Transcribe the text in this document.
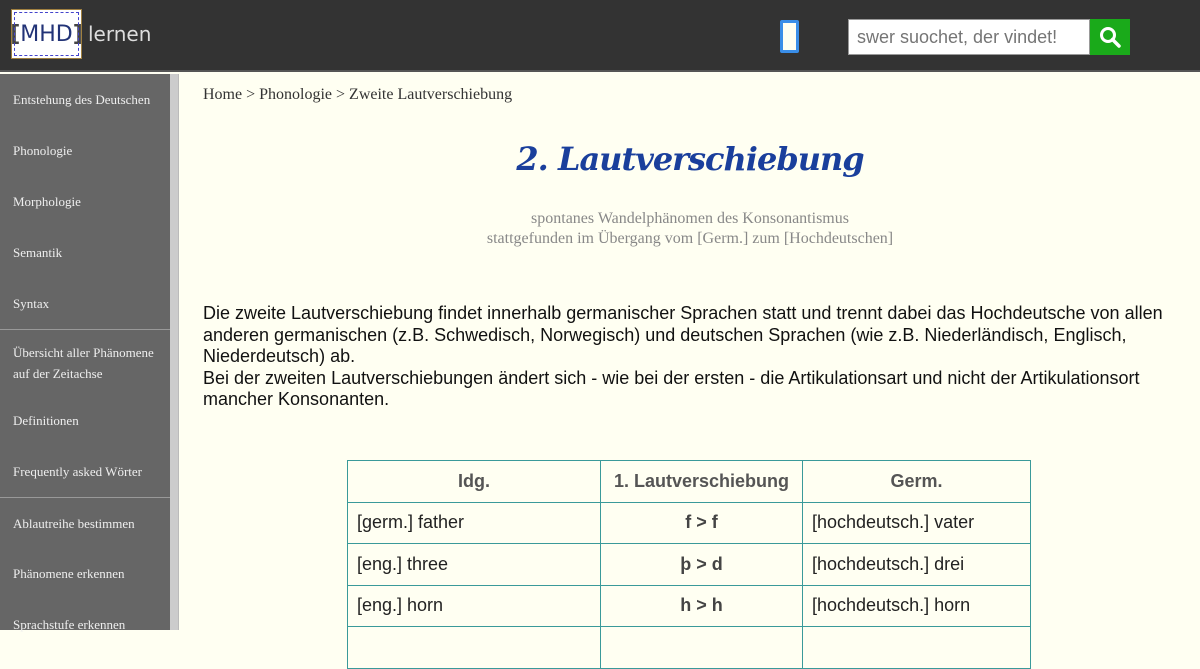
[ MHD ] lernen
swer suochet, der vindet!
Entstehung des Deutschen
Phonologie
Morphologie
Semantik
Syntax
Übersicht aller Phänomene auf der Zeitachse
Definitionen
Frequently asked Wörter
Ablautreihe bestimmen
Phänomene erkennen
Sprachstufe erkennen
Home > Phonologie > Zweite Lautverschiebung
2. Lautverschiebung
spontanes Wandelphänomen des Konsonantismus
stattgefunden im Übergang vom [Germ.] zum [Hochdeutschen]
Die zweite Lautverschiebung findet innerhalb germanischer Sprachen statt und trennt dabei das Hochdeutsche von allen anderen germanischen (z.B. Schwedisch, Norwegisch) und deutschen Sprachen (wie z.B. Niederländisch, Englisch, Niederdeutsch) ab.
Bei der zweiten Lautverschiebungen ändert sich - wie bei der ersten - die Artikulationsart und nicht der Artikulationsort mancher Konsonanten.
Idg.	1. Lautverschiebung	Germ.
[germ.] father	f > f	[hochdeutsch.] vater
[eng.] three	þ > d	[hochdeutsch.] drei
[eng.] horn	h > h	[hochdeutsch.] horn
